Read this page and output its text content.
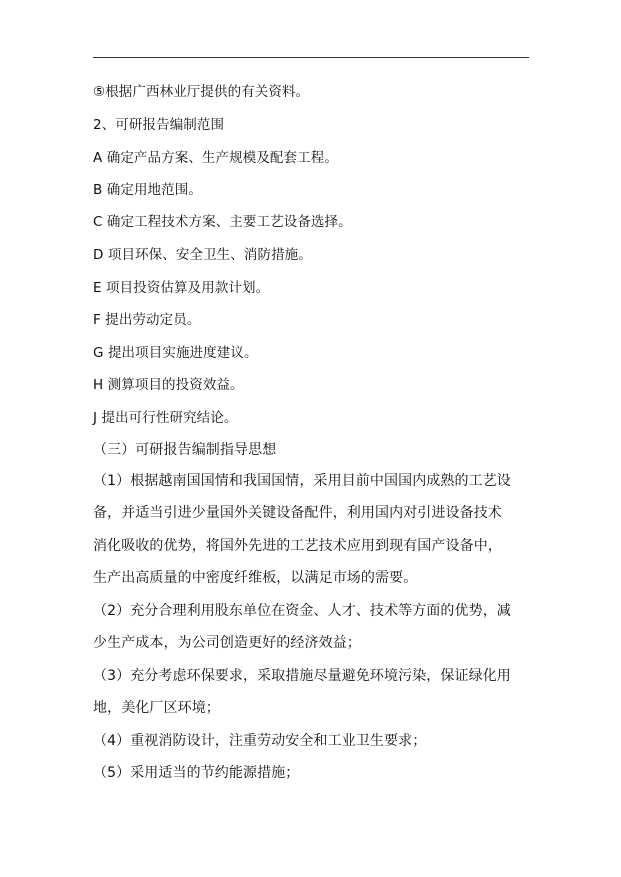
⑤根据广西林业厅提供的有关资料。
2、可研报告编制范围
A 确定产品方案、生产规模及配套工程。
B 确定用地范围。
C 确定工程技术方案、主要工艺设备选择。
D 项目环保、安全卫生、消防措施。
E 项目投资估算及用款计划。
F 提出劳动定员。
G 提出项目实施进度建议。
H 测算项目的投资效益。
J 提出可行性研究结论。
（三）可研报告编制指导思想
（1）根据越南国国情和我国国情，采用目前中国国内成熟的工艺设
备，并适当引进少量国外关键设备配件，利用国内对引进设备技术
消化吸收的优势，将国外先进的工艺技术应用到现有国产设备中，
生产出高质量的中密度纤维板，以满足市场的需要。
（2）充分合理利用股东单位在资金、人才、技术等方面的优势，减
少生产成本，为公司创造更好的经济效益；
（3）充分考虑环保要求，采取措施尽量避免环境污染，保证绿化用
地，美化厂区环境；
（4）重视消防设计，注重劳动安全和工业卫生要求；
（5）采用适当的节约能源措施；
